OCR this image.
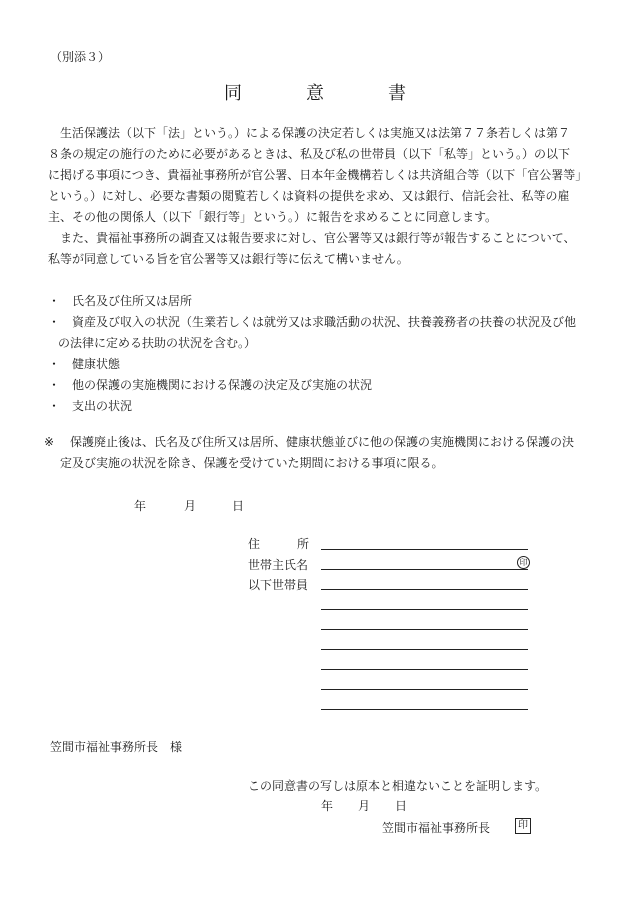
（別添３）
同	意	書
　生活保護法（以下「法」という。）による保護の決定若しくは実施又は法第７７条若しくは第７
８条の規定の施行のために必要があるときは、私及び私の世帯員（以下「私等」という。）の以下
に掲げる事項につき、貴福祉事務所が官公署、日本年金機構若しくは共済組合等（以下「官公署等」
という。）に対し、必要な書類の閲覧若しくは資料の提供を求め、又は銀行、信託会社、私等の雇
主、その他の関係人（以下「銀行等」という。）に報告を求めることに同意します。
　また、貴福祉事務所の調査又は報告要求に対し、官公署等又は銀行等が報告することについて、
私等が同意している旨を官公署等又は銀行等に伝えて構いません。
・ 氏名及び住所又は居所
・ 資産及び収入の状況（生業若しくは就労又は求職活動の状況、扶養義務者の扶養の状況及び他
の法律に定める扶助の状況を含む。）
・ 健康状態
・ 他の保護の実施機関における保護の決定及び実施の状況
・ 支出の状況
※ 保護廃止後は、氏名及び住所又は居所、健康状態並びに他の保護の実施機関における保護の決
定及び実施の状況を除き、保護を受けていた期間における事項に限る。
年	月	日
住	所
世帯主氏名	印
以下世帯員
笠間市福祉事務所長　様
この同意書の写しは原本と相違ないことを証明します。
年 月 日
笠間市福祉事務所長	印
